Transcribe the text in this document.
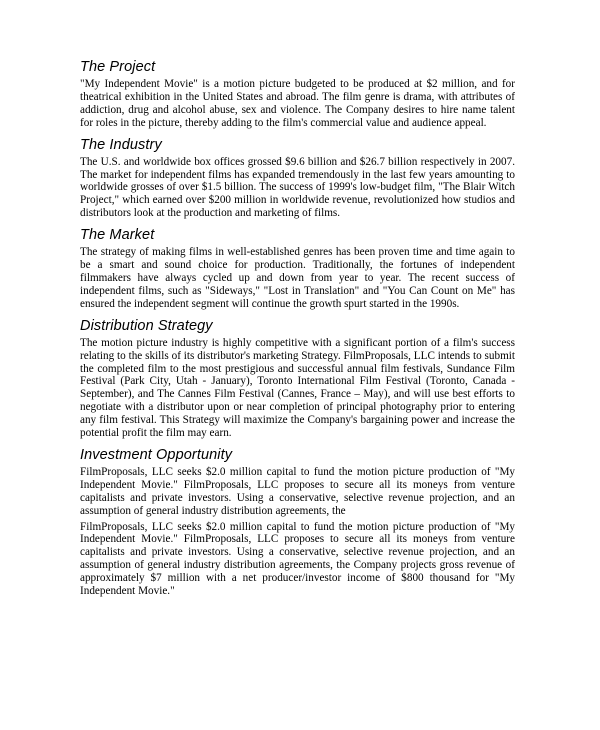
The Project

"My Independent Movie" is a motion picture budgeted to be produced at $2 million, and for theatrical exhibition in the United States and abroad. The film genre is drama, with attributes of addiction, drug and alcohol abuse, sex and violence. The Company desires to hire name talent for roles in the picture, thereby adding to the film's commercial value and audience appeal.

The Industry

The U.S. and worldwide box offices grossed $9.6 billion and $26.7 billion respectively in 2007. The market for independent films has expanded tremendously in the last few years amounting to worldwide grosses of over $1.5 billion. The success of 1999's low-budget film, "The Blair Witch Project," which earned over $200 million in worldwide revenue, revolutionized how studios and distributors look at the production and marketing of films.

The Market

The strategy of making films in well-established genres has been proven time and time again to be a smart and sound choice for production. Traditionally, the fortunes of independent filmmakers have always cycled up and down from year to year. The recent success of independent films, such as "Sideways," "Lost in Translation" and "You Can Count on Me" has ensured the independent segment will continue the growth spurt started in the 1990s.

Distribution Strategy

The motion picture industry is highly competitive with a significant portion of a film's success relating to the skills of its distributor's marketing Strategy. FilmProposals, LLC intends to submit the completed film to the most prestigious and successful annual film festivals, Sundance Film Festival (Park City, Utah - January), Toronto International Film Festival (Toronto, Canada - September), and The Cannes Film Festival (Cannes, France – May), and will use best efforts to negotiate with a distributor upon or near completion of principal photography prior to entering any film festival. This Strategy will maximize the Company's bargaining power and increase the potential profit the film may earn.

Investment Opportunity

FilmProposals, LLC seeks $2.0 million capital to fund the motion picture production of "My Independent Movie." FilmProposals, LLC proposes to secure all its moneys from venture capitalists and private investors. Using a conservative, selective revenue projection, and an assumption of general industry distribution agreements, the

FilmProposals, LLC seeks $2.0 million capital to fund the motion picture production of "My Independent Movie." FilmProposals, LLC proposes to secure all its moneys from venture capitalists and private investors. Using a conservative, selective revenue projection, and an assumption of general industry distribution agreements, the Company projects gross revenue of approximately $7 million with a net producer/investor income of $800 thousand for "My Independent Movie."
